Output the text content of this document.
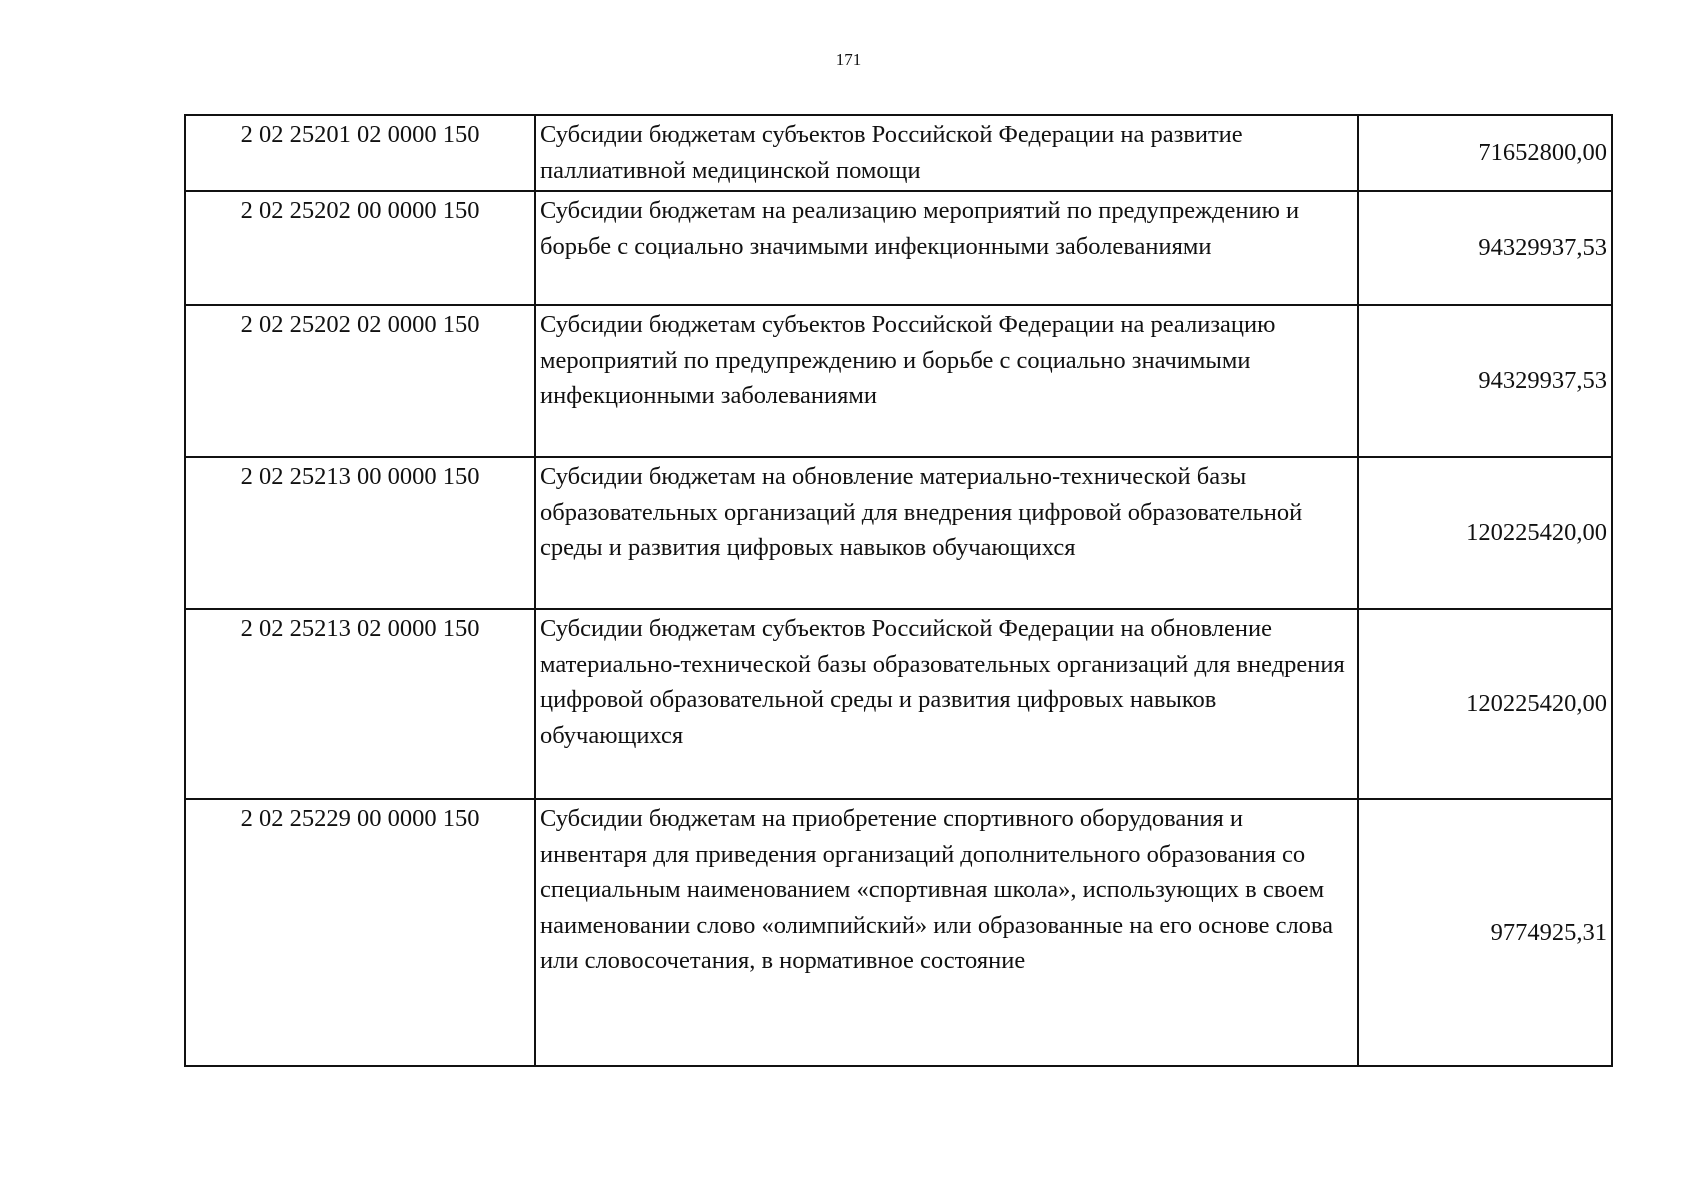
171
2 02 25201 02 0000 150	Субсидии бюджетам субъектов Российской Федерации на развитие паллиативной медицинской помощи	71652800,00
2 02 25202 00 0000 150	Субсидии бюджетам на реализацию мероприятий по предупреждению и борьбе с социально значимыми инфекционными заболеваниями	94329937,53
2 02 25202 02 0000 150	Субсидии бюджетам субъектов Российской Федерации на реализацию мероприятий по предупреждению и борьбе с социально значимыми инфекционными заболеваниями	94329937,53
2 02 25213 00 0000 150	Субсидии бюджетам на обновление материально-технической базы образовательных организаций для внедрения цифровой образовательной среды и развития цифровых навыков обучающихся	120225420,00
2 02 25213 02 0000 150	Субсидии бюджетам субъектов Российской Федерации на обновление материально-технической базы образовательных организаций для внедрения цифровой образовательной среды и развития цифровых навыков обучающихся	120225420,00
2 02 25229 00 0000 150	Субсидии бюджетам на приобретение спортивного оборудования и инвентаря для приведения организаций дополнительного образования со специальным наименованием «спортивная школа», использующих в своем наименовании слово «олимпийский» или образованные на его основе слова или словосочетания, в нормативное состояние	9774925,31
